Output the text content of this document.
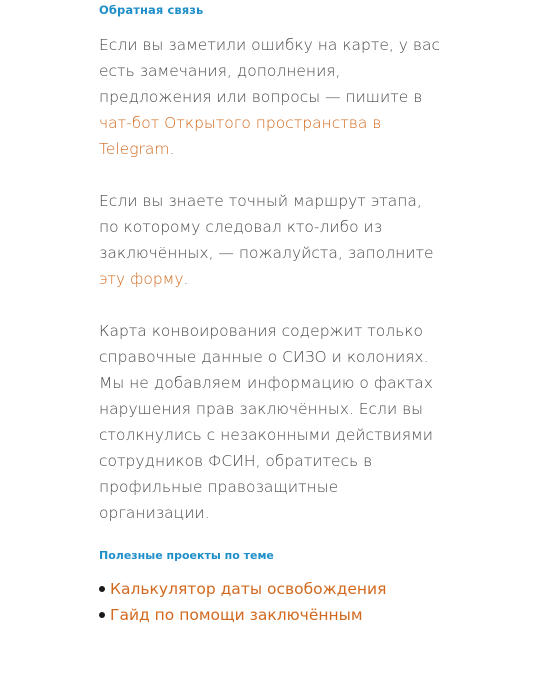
Обратная связь

Если вы заметили ошибку на карте, у вас есть замечания, дополнения, предложения или вопросы — пишите в чат-бот Открытого пространства в Telegram.

Если вы знаете точный маршрут этапа, по которому следовал кто-либо из заключённых, — пожалуйста, заполните эту форму.

Карта конвоирования содержит только справочные данные о СИЗО и колониях. Мы не добавляем информацию о фактах нарушения прав заключённых. Если вы столкнулись с незаконными действиями сотрудников ФСИН, обратитесь в профильные правозащитные организации.

Полезные проекты по теме
Калькулятор даты освобождения
Гайд по помощи заключённым
